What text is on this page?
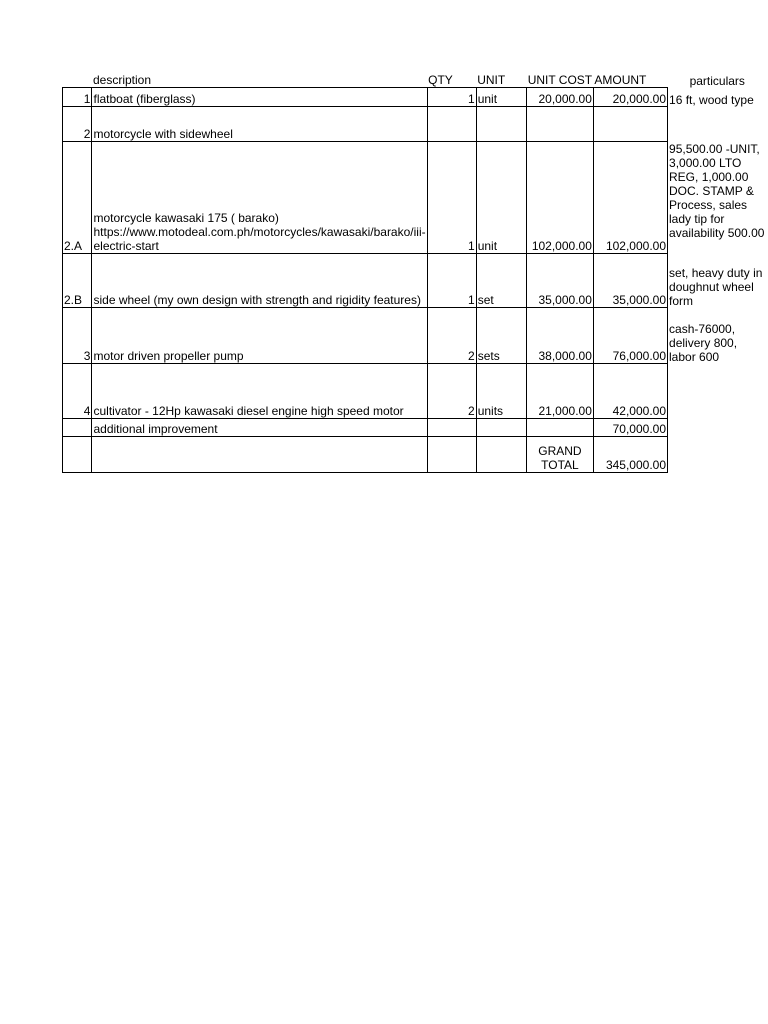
	description	QTY	UNIT	UNIT COST	AMOUNT	particulars
1	flatboat (fiberglass)	1	unit	20,000.00	20,000.00	16 ft, wood type
2	motorcycle with sidewheel					
2.A	motorcycle kawasaki 175 ( barako) https://www.motodeal.com.ph/motorcycles/kawasaki/barako/iii-electric-start	1	unit	102,000.00	102,000.00	95,500.00 -UNIT, 3,000.00 LTO REG, 1,000.00 DOC. STAMP & Process, sales lady tip for availability 500.00
2.B	side wheel (my own design with strength and rigidity features)	1	set	35,000.00	35,000.00	set, heavy duty in doughnut wheel form
3	motor driven propeller pump	2	sets	38,000.00	76,000.00	cash-76000, delivery 800, labor 600
4	cultivator - 12Hp kawasaki diesel engine high speed motor	2	units	21,000.00	42,000.00	
	additional improvement				70,000.00	
				GRAND TOTAL	345,000.00	
